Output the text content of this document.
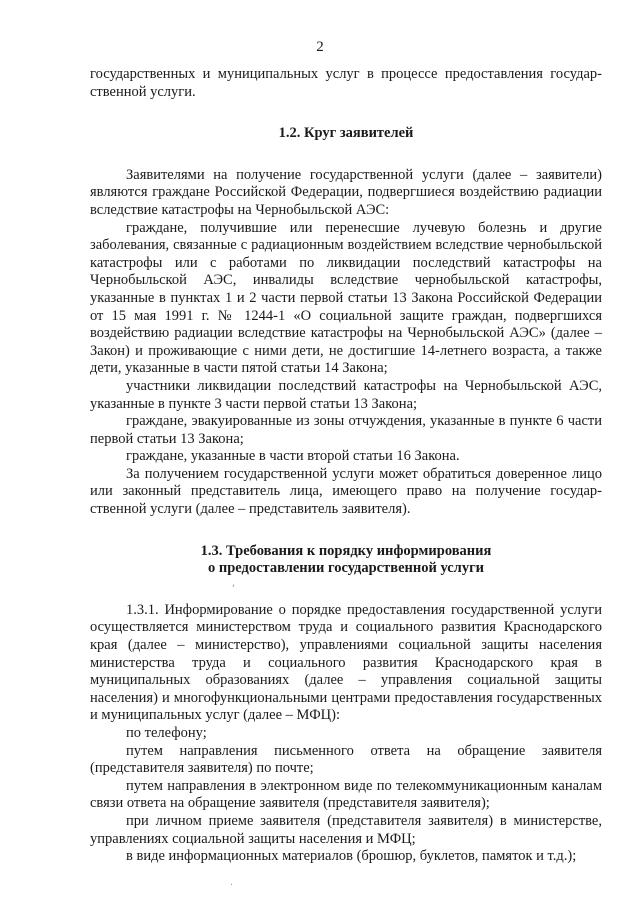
2

государственных и муниципальных услуг в процессе предоставления государственной услуги.

1.2. Круг заявителей

Заявителями на получение государственной услуги (далее – заявители) являются граждане Российской Федерации, подвергшиеся воздействию радиации вследствие катастрофы на Чернобыльской АЭС:

граждане, получившие или перенесшие лучевую болезнь и другие заболевания, связанные с радиационным воздействием вследствие чернобыльской катастрофы или с работами по ликвидации последствий катастрофы на Чернобыльской АЭС, инвалиды вследствие чернобыльской катастрофы, указанные в пунктах 1 и 2 части первой статьи 13 Закона Российской Федерации от 15 мая 1991 г. № 1244-1 «О социальной защите граждан, подвергшихся воздействию радиации вследствие катастрофы на Чернобыльской АЭС» (далее – Закон) и проживающие с ними дети, не достигшие 14-летнего возраста, а также дети, указанные в части пятой статьи 14 Закона;

участники ликвидации последствий катастрофы на Чернобыльской АЭС, указанные в пункте 3 части первой статьи 13 Закона;

граждане, эвакуированные из зоны отчуждения, указанные в пункте 6 части первой статьи 13 Закона;

граждане, указанные в части второй статьи 16 Закона.

За получением государственной услуги может обратиться доверенное лицо или законный представитель лица, имеющего право на получение государственной услуги (далее – представитель заявителя).

1.3. Требования к порядку информирования
о предоставлении государственной услуги

1.3.1. Информирование о порядке предоставления государственной услуги осуществляется министерством труда и социального развития Краснодарского края (далее – министерство), управлениями социальной защиты населения министерства труда и социального развития Краснодарского края в муниципальных образованиях (далее – управления социальной защиты населения) и многофункциональными центрами предоставления государственных и муниципальных услуг (далее – МФЦ):

по телефону;

путем направления письменного ответа на обращение заявителя (представителя заявителя) по почте;

путем направления в электронном виде по телекоммуникационным каналам связи ответа на обращение заявителя (представителя заявителя);

при личном приеме заявителя (представителя заявителя) в министерстве, управлениях социальной защиты населения и МФЦ;

в виде информационных материалов (брошюр, буклетов, памяток и т.д.);

,
·
